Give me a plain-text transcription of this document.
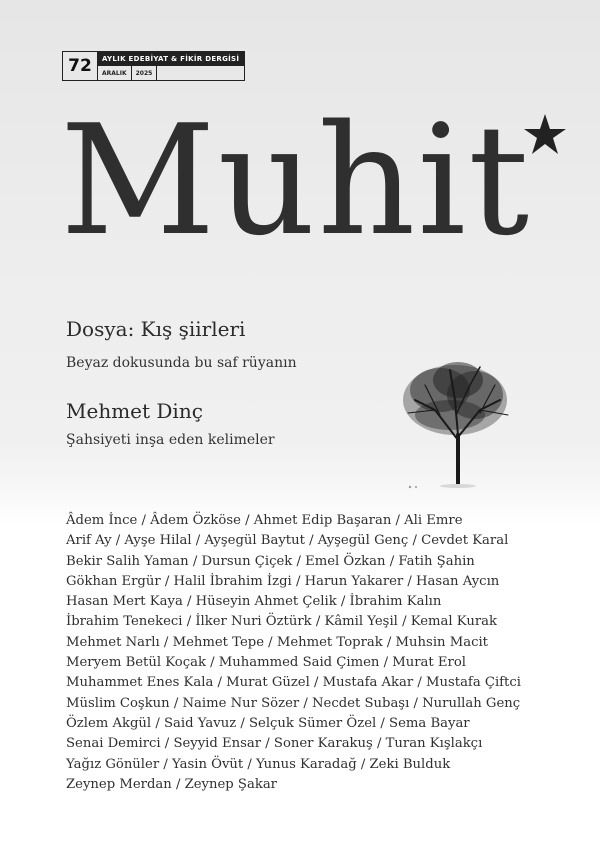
72	AYLIK EDEBİYAT & FİKİR DERGİSİ
ARALIK	2025
Muhit
Dosya: Kış şiirleri
Beyaz dokusunda bu saf rüyanın
Mehmet Dinç
Şahsiyeti inşa eden kelimeler
Âdem İnce / Âdem Özköse / Ahmet Edip Başaran / Ali Emre
Arif Ay / Ayşe Hilal / Ayşegül Baytut / Ayşegül Genç / Cevdet Karal
Bekir Salih Yaman / Dursun Çiçek / Emel Özkan / Fatih Şahin
Gökhan Ergür / Halil İbrahim İzgi / Harun Yakarer / Hasan Aycın
Hasan Mert Kaya / Hüseyin Ahmet Çelik / İbrahim Kalın
İbrahim Tenekeci / İlker Nuri Öztürk / Kâmil Yeşil / Kemal Kurak
Mehmet Narlı / Mehmet Tepe / Mehmet Toprak / Muhsin Macit
Meryem Betül Koçak / Muhammed Said Çimen / Murat Erol
Muhammet Enes Kala / Murat Güzel / Mustafa Akar / Mustafa Çiftci
Müslim Coşkun / Naime Nur Sözer / Necdet Subaşı / Nurullah Genç
Özlem Akgül / Said Yavuz / Selçuk Sümer Özel / Sema Bayar
Senai Demirci / Seyyid Ensar / Soner Karakuş / Turan Kışlakçı
Yağız Gönüler / Yasin Övüt / Yunus Karadağ / Zeki Bulduk
Zeynep Merdan / Zeynep Şakar
